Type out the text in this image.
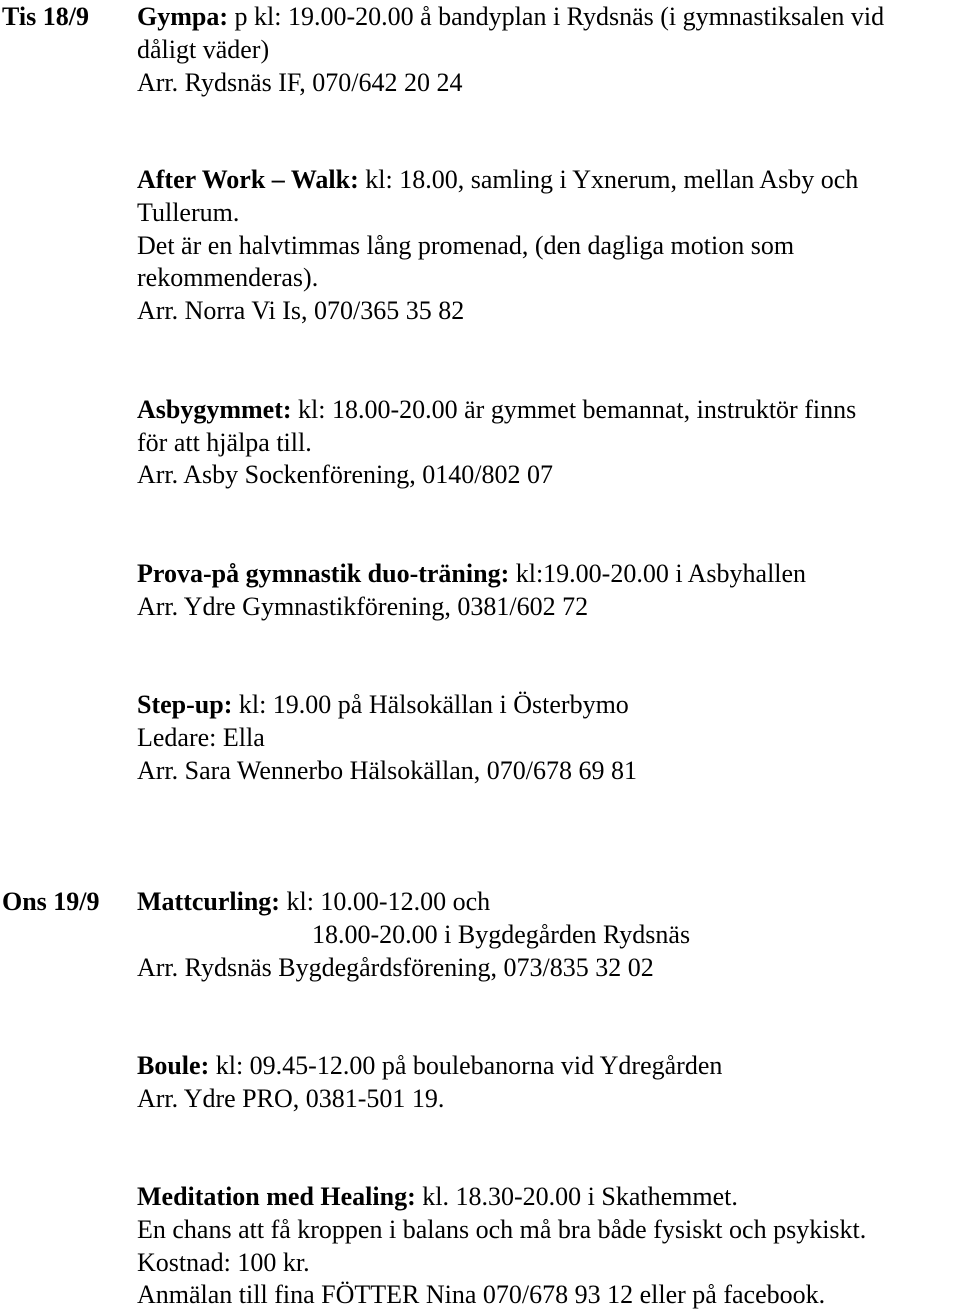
Tis 18/9 Gympa: p kl: 19.00-20.00 å bandyplan i Rydsnäs (i gymnastiksalen vid
dåligt väder)
Arr. Rydsnäs IF, 070/642 20 24
After Work – Walk: kl: 18.00, samling i Yxnerum, mellan Asby och
Tullerum.
Det är en halvtimmas lång promenad, (den dagliga motion som
rekommenderas).
Arr. Norra Vi Is, 070/365 35 82
Asbygymmet: kl: 18.00-20.00 är gymmet bemannat, instruktör finns
för att hjälpa till.
Arr. Asby Sockenförening, 0140/802 07
Prova-på gymnastik duo-träning: kl:19.00-20.00 i Asbyhallen
Arr. Ydre Gymnastikförening, 0381/602 72
Step-up: kl: 19.00 på Hälsokällan i Österbymo
Ledare: Ella
Arr. Sara Wennerbo Hälsokällan, 070/678 69 81
Ons 19/9 Mattcurling: kl: 10.00-12.00 och
18.00-20.00 i Bygdegården Rydsnäs
Arr. Rydsnäs Bygdegårdsförening, 073/835 32 02
Boule: kl: 09.45-12.00 på boulebanorna vid Ydregården
Arr. Ydre PRO, 0381-501 19.
Meditation med Healing: kl. 18.30-20.00 i Skathemmet.
En chans att få kroppen i balans och må bra både fysiskt och psykiskt.
Kostnad: 100 kr.
Anmälan till fina FÖTTER Nina 070/678 93 12 eller på facebook.
